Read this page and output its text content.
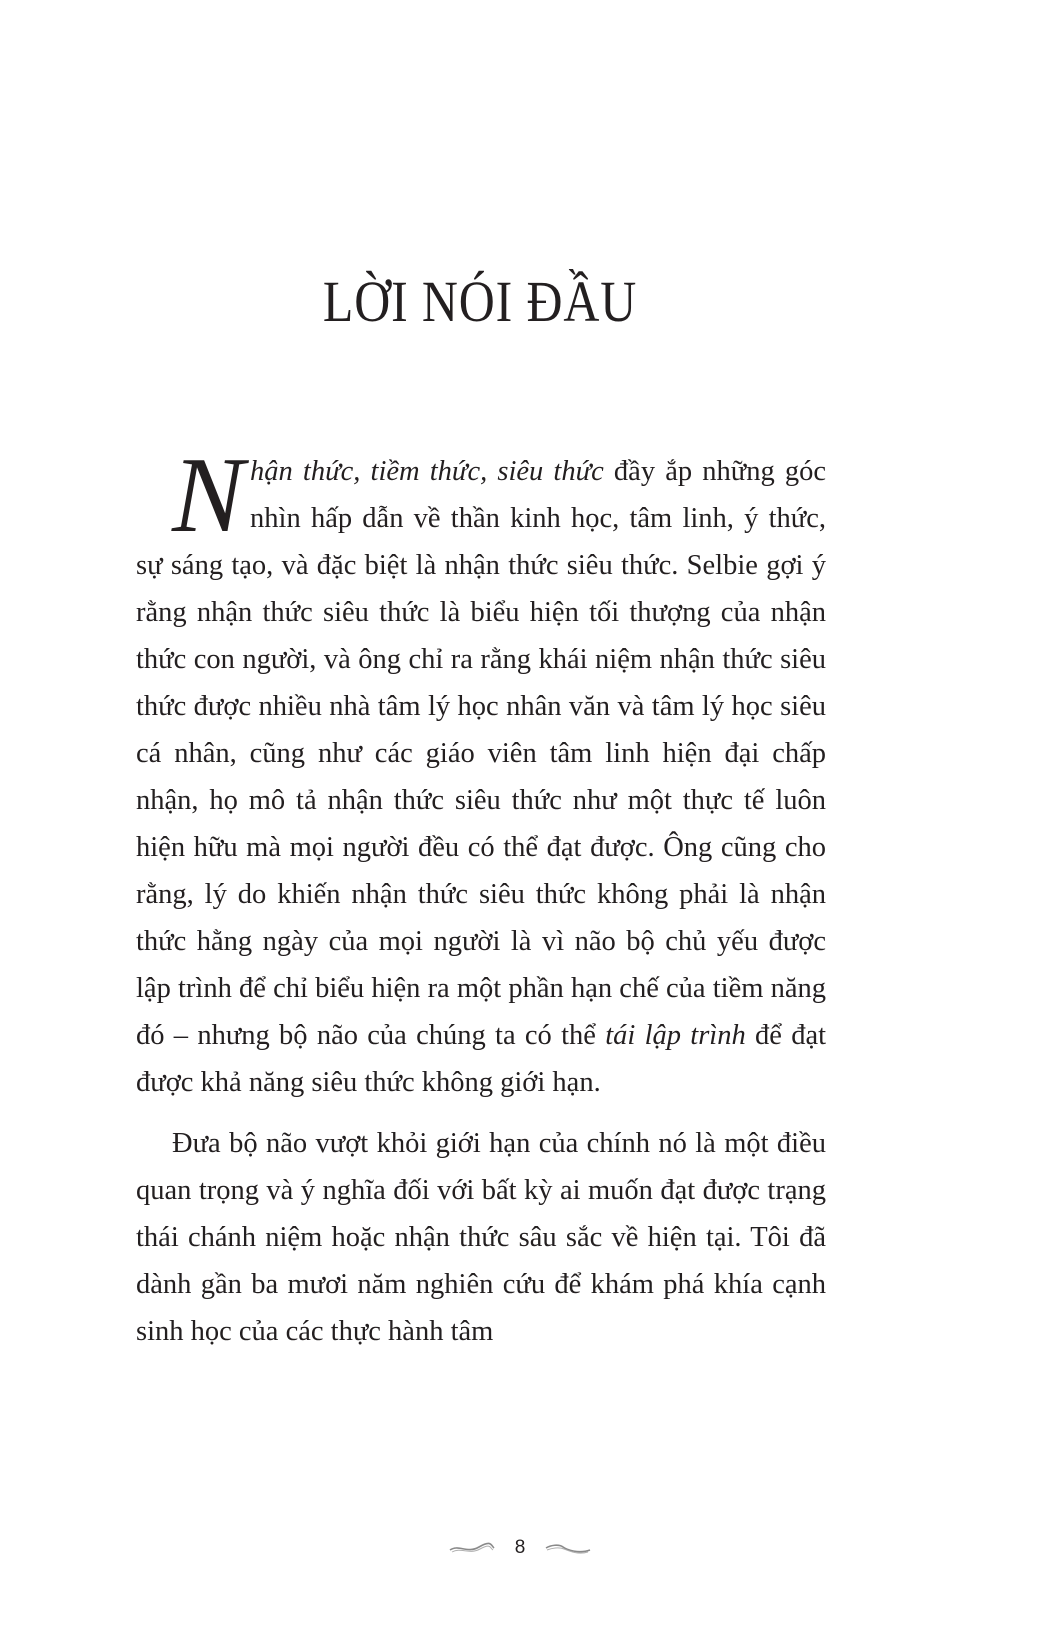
LỜI NÓI ĐẦU

Nhận thức, tiềm thức, siêu thức đầy ắp những góc nhìn hấp dẫn về thần kinh học, tâm linh, ý thức, sự sáng tạo, và đặc biệt là nhận thức siêu thức. Selbie gợi ý rằng nhận thức siêu thức là biểu hiện tối thượng của nhận thức con người, và ông chỉ ra rằng khái niệm nhận thức siêu thức được nhiều nhà tâm lý học nhân văn và tâm lý học siêu cá nhân, cũng như các giáo viên tâm linh hiện đại chấp nhận, họ mô tả nhận thức siêu thức như một thực tế luôn hiện hữu mà mọi người đều có thể đạt được. Ông cũng cho rằng, lý do khiến nhận thức siêu thức không phải là nhận thức hằng ngày của mọi người là vì não bộ chủ yếu được lập trình để chỉ biểu hiện ra một phần hạn chế của tiềm năng đó – nhưng bộ não của chúng ta có thể tái lập trình để đạt được khả năng siêu thức không giới hạn.

Đưa bộ não vượt khỏi giới hạn của chính nó là một điều quan trọng và ý nghĩa đối với bất kỳ ai muốn đạt được trạng thái chánh niệm hoặc nhận thức sâu sắc về hiện tại. Tôi đã dành gần ba mươi năm nghiên cứu để khám phá khía cạnh sinh học của các thực hành tâm

8
